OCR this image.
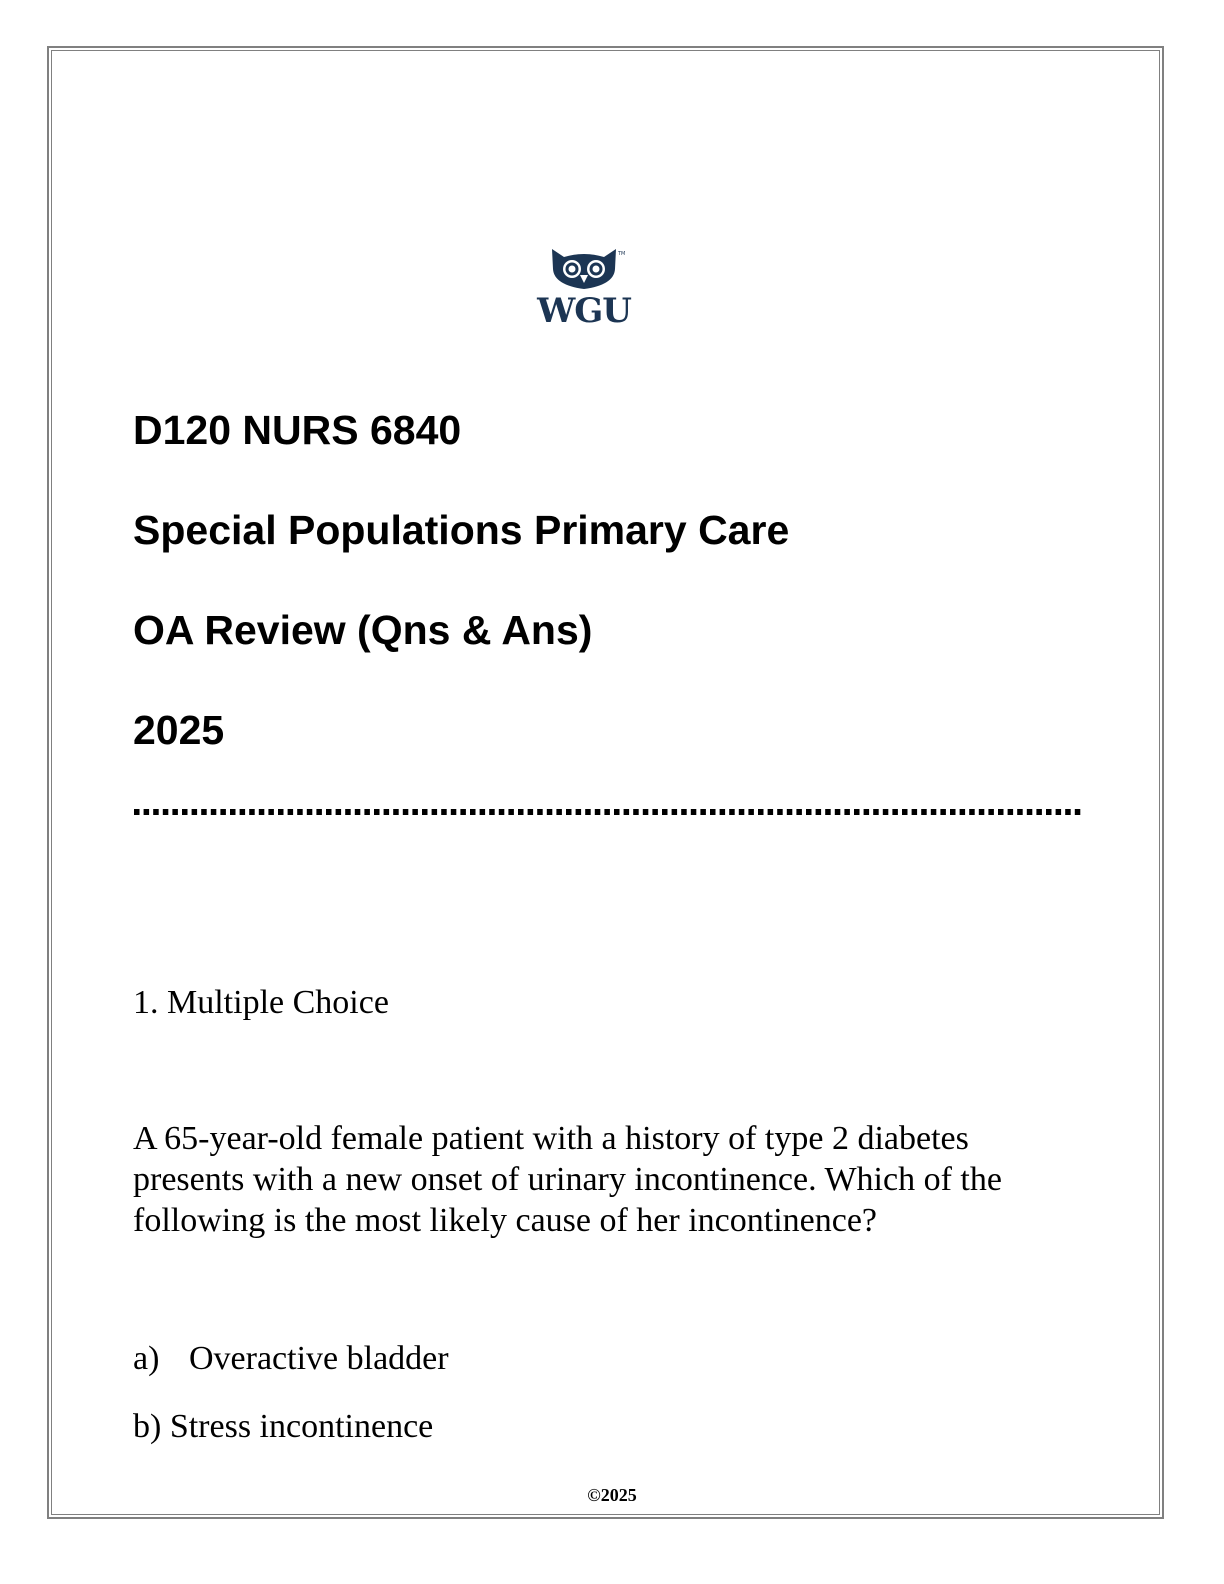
TM
WGU
D120 NURS 6840
Special Populations Primary Care
OA Review (Qns & Ans)
2025
1. Multiple Choice
A 65-year-old female patient with a history of type 2 diabetes presents with a new onset of urinary incontinence. Which of the following is the most likely cause of her incontinence?
a) Overactive bladder
b) Stress incontinence
©2025
